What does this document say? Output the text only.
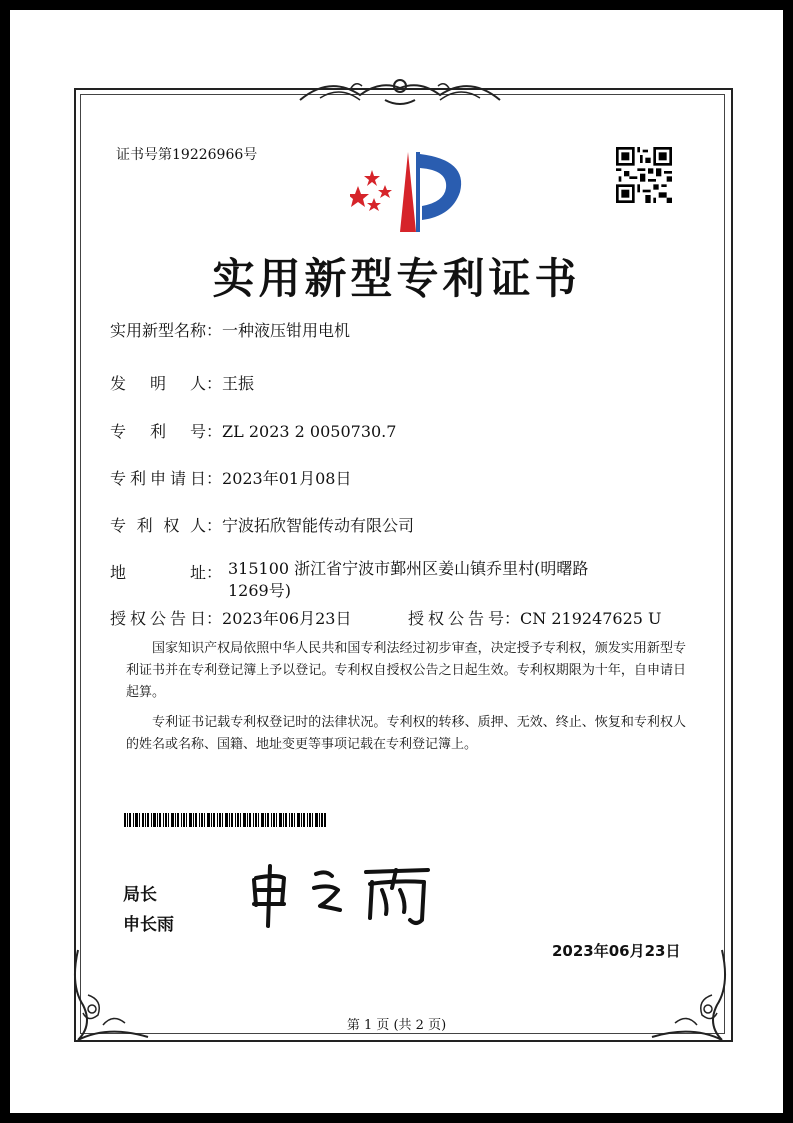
证书号第19226966号
实用新型专利证书
实用新型名称：一种液压钳用电机
发明人：王振
专利号：ZL 2023 2 0050730.7
专利申请日：2023年01月08日
专利权人：宁波拓欣智能传动有限公司
地址： 315100 浙江省宁波市鄞州区姜山镇乔里村(明曙路1269号)
授权公告日：2023年06月23日	授权公告号：CN 219247625 U
国家知识产权局依照中华人民共和国专利法经过初步审查，决定授予专利权，颁发实用新型专利证书并在专利登记簿上予以登记。专利权自授权公告之日起生效。专利权期限为十年，自申请日起算。
专利证书记载专利权登记时的法律状况。专利权的转移、质押、无效、终止、恢复和专利权人的姓名或名称、国籍、地址变更等事项记载在专利登记簿上。
局长
申长雨
2023年06月23日
第 1 页 (共 2 页)
